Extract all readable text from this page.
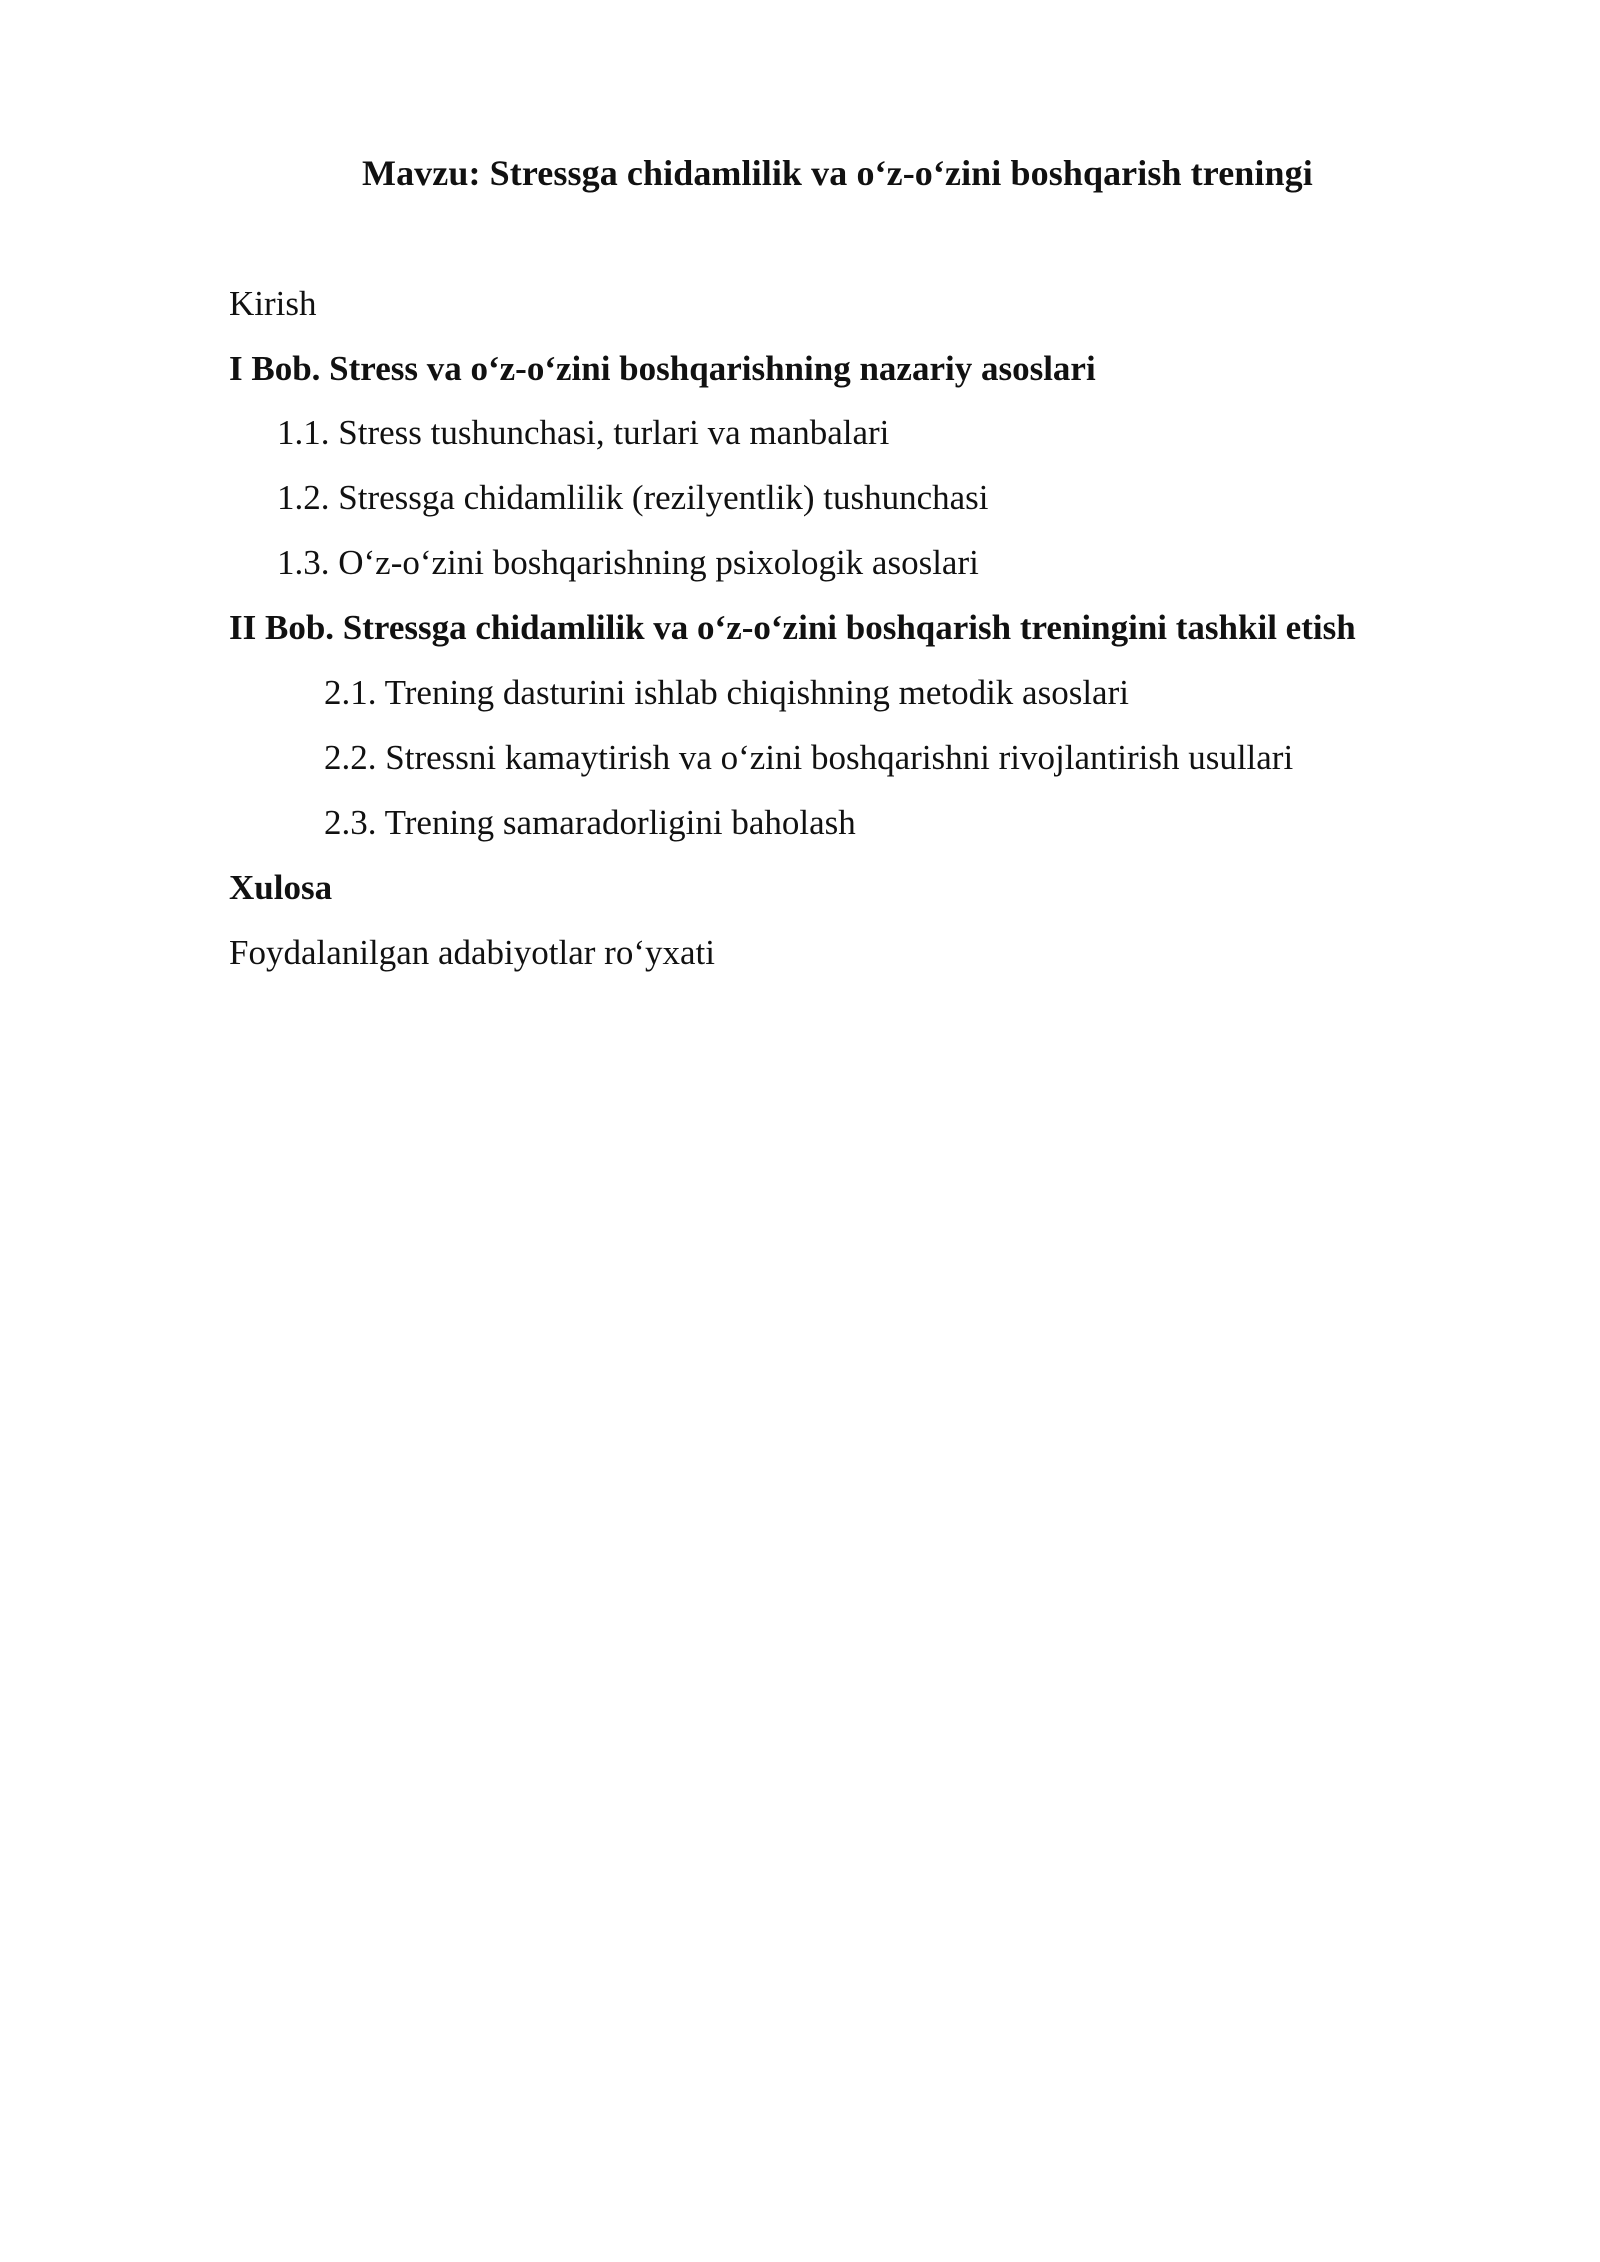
Mavzu: Stressga chidamlilik va o‘z-o‘zini boshqarish treningi
Kirish
I Bob. Stress va o‘z-o‘zini boshqarishning nazariy asoslari
1.1. Stress tushunchasi, turlari va manbalari
1.2. Stressga chidamlilik (rezilyentlik) tushunchasi
1.3. O‘z-o‘zini boshqarishning psixologik asoslari
II Bob. Stressga chidamlilik va o‘z-o‘zini boshqarish treningini tashkil etish
2.1. Trening dasturini ishlab chiqishning metodik asoslari
2.2. Stressni kamaytirish va o‘zini boshqarishni rivojlantirish usullari
2.3. Trening samaradorligini baholash
Xulosa
Foydalanilgan adabiyotlar ro‘yxati
